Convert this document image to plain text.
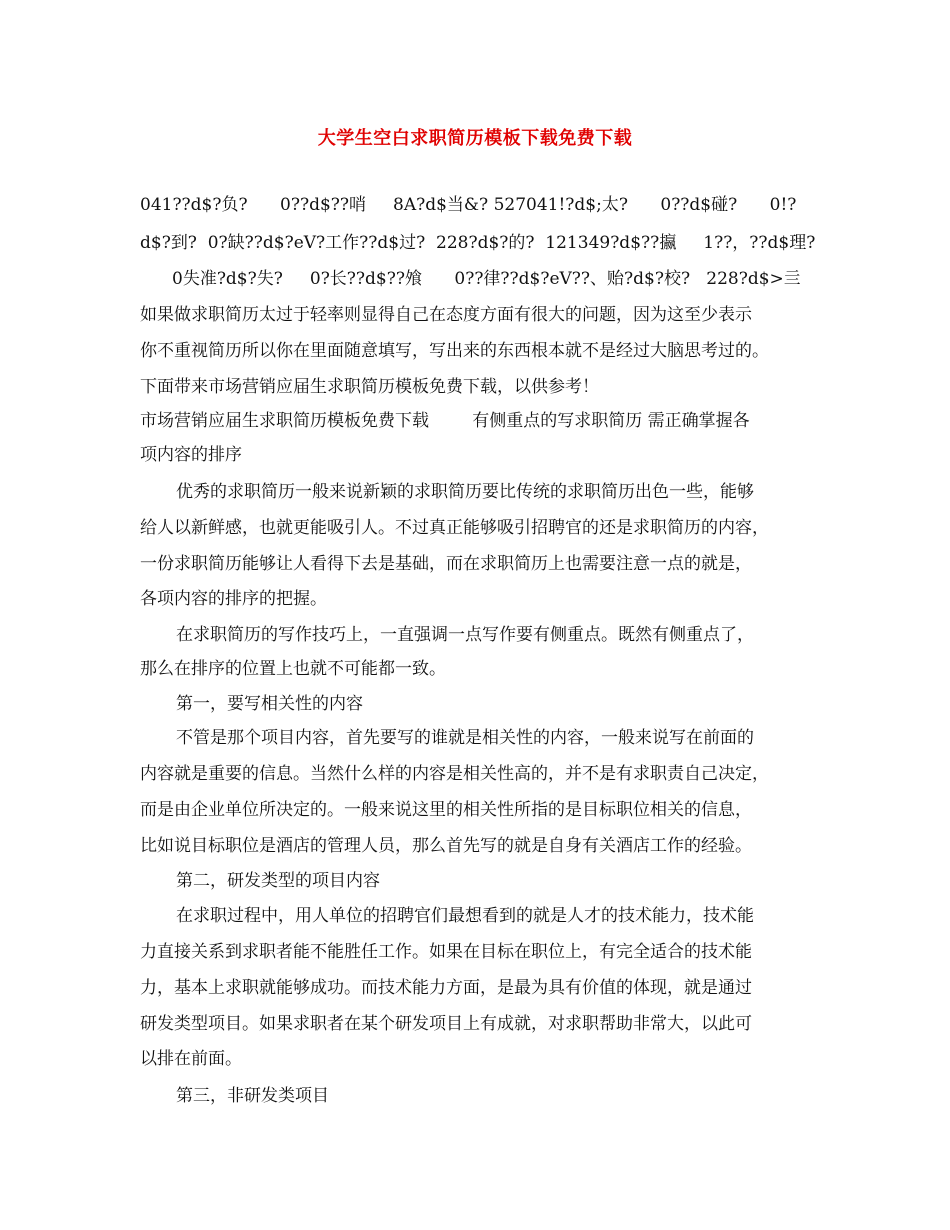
大学生空白求职简历模板下载免费下载
041??d$?负?      0??d$??哨     8A?d$当&? 527041!?d$;太?      0??d$碰?      0!?
d$?到?  0?缺??d$?eV?工作??d$过?  228?d$?的?  121349?d$??攍     1??，??d$理?
0失准?d$?失?     0?长??d$??飧      0??律??d$?eV??、贻?d$?校?   228?d$>亖
如果做求职简历太过于轻率则显得自己在态度方面有很大的问题，因为这至少表示
你不重视简历所以你在里面随意填写，写出来的东西根本就不是经过大脑思考过的。
下面带来市场营销应届生求职简历模板免费下载，以供参考！
市场营销应届生求职简历模板免费下载        有侧重点的写求职简历 需正确掌握各
项内容的排序
优秀的求职简历一般来说新颖的求职简历要比传统的求职简历出色一些，能够
给人以新鲜感，也就更能吸引人。不过真正能够吸引招聘官的还是求职简历的内容，
一份求职简历能够让人看得下去是基础，而在求职简历上也需要注意一点的就是，
各项内容的排序的把握。
在求职简历的写作技巧上，一直强调一点写作要有侧重点。既然有侧重点了，
那么在排序的位置上也就不可能都一致。
第一，要写相关性的内容
不管是那个项目内容，首先要写的谁就是相关性的内容，一般来说写在前面的
内容就是重要的信息。当然什么样的内容是相关性高的，并不是有求职责自己决定，
而是由企业单位所决定的。一般来说这里的相关性所指的是目标职位相关的信息，
比如说目标职位是酒店的管理人员，那么首先写的就是自身有关酒店工作的经验。
第二，研发类型的项目内容
在求职过程中，用人单位的招聘官们最想看到的就是人才的技术能力，技术能
力直接关系到求职者能不能胜任工作。如果在目标在职位上，有完全适合的技术能
力，基本上求职就能够成功。而技术能力方面，是最为具有价值的体现，就是通过
研发类型项目。如果求职者在某个研发项目上有成就，对求职帮助非常大，以此可
以排在前面。
第三，非研发类项目
